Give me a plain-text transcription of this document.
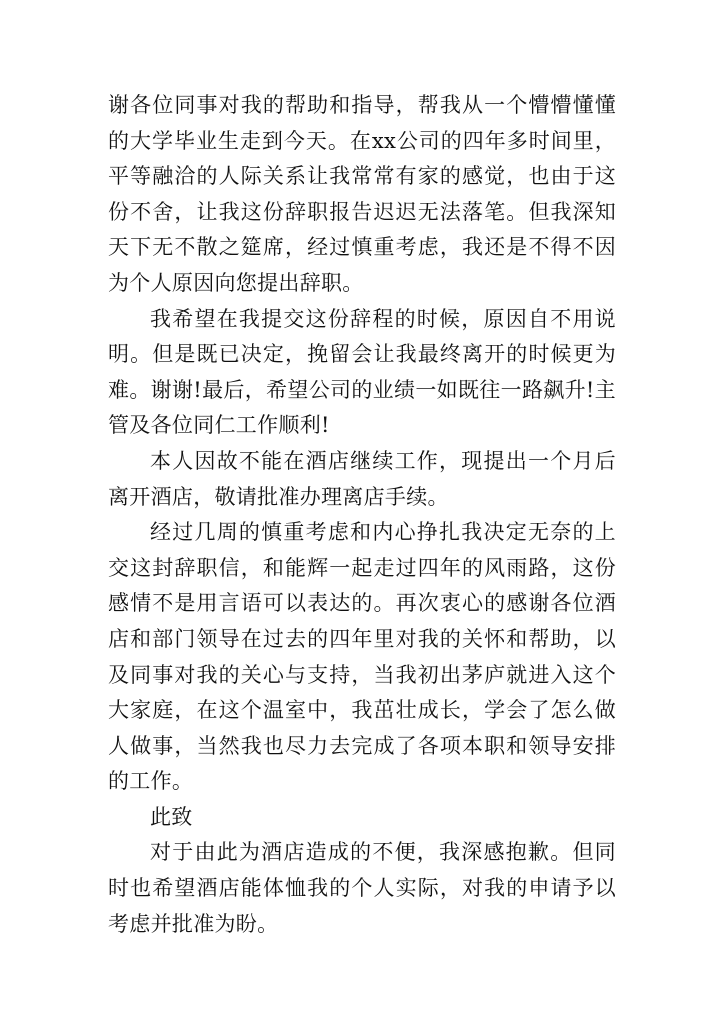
谢各位同事对我的帮助和指导，帮我从一个懵懵懂懂的大学毕业生走到今天。在xx公司的四年多时间里，平等融洽的人际关系让我常常有家的感觉，也由于这份不舍，让我这份辞职报告迟迟无法落笔。但我深知天下无不散之筵席，经过慎重考虑，我还是不得不因为个人原因向您提出辞职。

我希望在我提交这份辞程的时候，原因自不用说明。但是既已决定，挽留会让我最终离开的时候更为难。谢谢!最后，希望公司的业绩一如既往一路飙升!主管及各位同仁工作顺利!

本人因故不能在酒店继续工作，现提出一个月后离开酒店，敬请批准办理离店手续。

经过几周的慎重考虑和内心挣扎我决定无奈的上交这封辞职信，和能辉一起走过四年的风雨路，这份感情不是用言语可以表达的。再次衷心的感谢各位酒店和部门领导在过去的四年里对我的关怀和帮助，以及同事对我的关心与支持，当我初出茅庐就进入这个大家庭，在这个温室中，我茁壮成长，学会了怎么做人做事，当然我也尽力去完成了各项本职和领导安排的工作。

此致

对于由此为酒店造成的不便，我深感抱歉。但同时也希望酒店能体恤我的个人实际，对我的申请予以考虑并批准为盼。
